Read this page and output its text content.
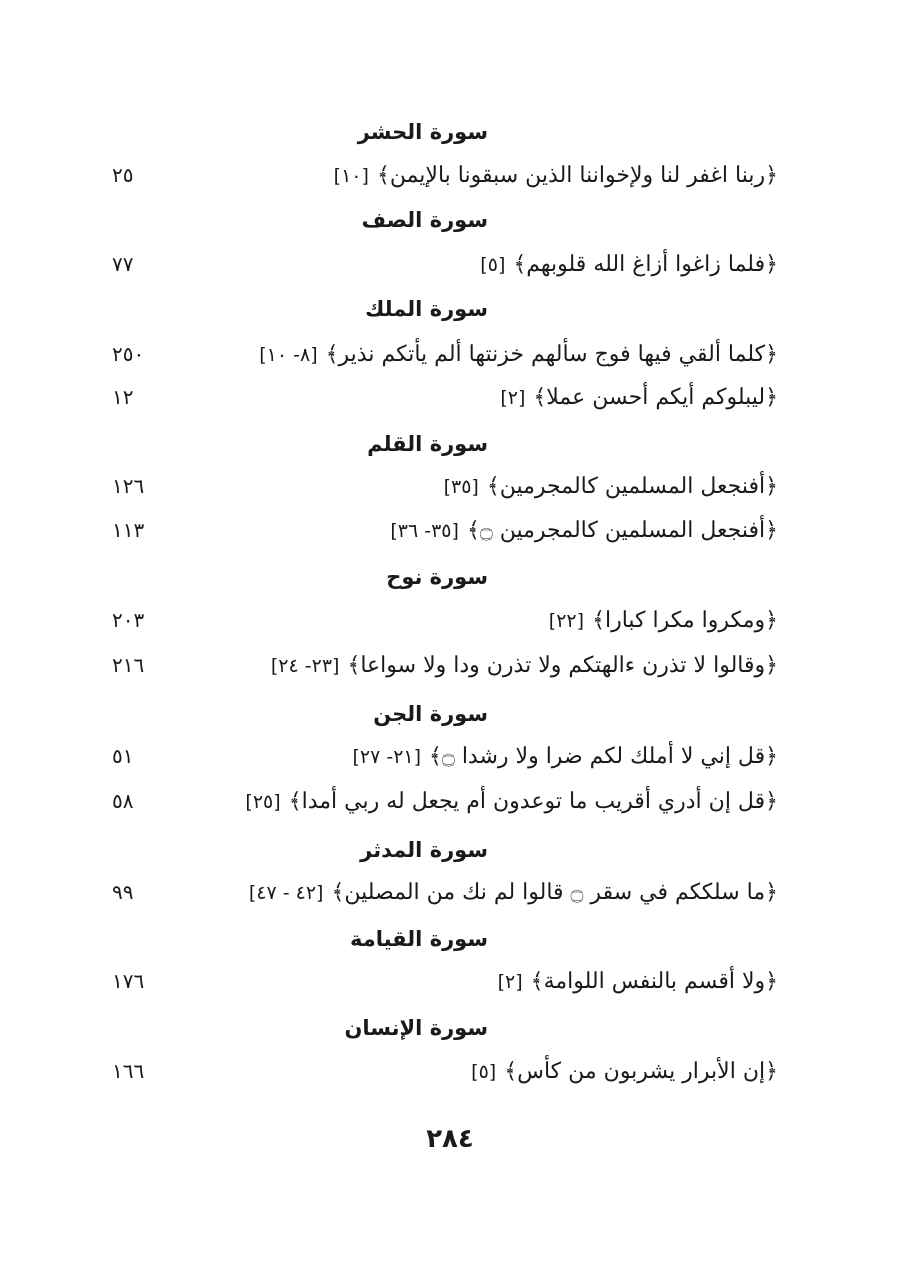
سورة الحشر
﴿ربنا اغفر لنا ولإخواننا الذين سبقونا بالإيمن﴾[١٠]
٢٥
سورة الصف
﴿فلما زاغوا أزاغ الله قلوبهم﴾[٥]
٧٧
سورة الملك
﴿كلما ألقي فيها فوج سألهم خزنتها ألم يأتكم نذير﴾[٨- ١٠]
٢٥٠
﴿ليبلوكم أيكم أحسن عملا﴾[٢]
١٢
سورة القلم
﴿أفنجعل المسلمين كالمجرمين﴾[٣٥]
١٢٦
﴿أفنجعل المسلمين كالمجرمين ۝﴾[٣٥- ٣٦]
١١٣
سورة نوح
﴿ومكروا مكرا كبارا﴾[٢٢]
٢٠٣
﴿وقالوا لا تذرن ءالهتكم ولا تذرن ودا ولا سواعا﴾[٢٣- ٢٤]
٢١٦
سورة الجن
﴿قل إني لا أملك لكم ضرا ولا رشدا ۝﴾[٢١- ٢٧]
٥١
﴿قل إن أدري أقريب ما توعدون أم يجعل له ربي أمدا﴾[٢٥]
٥٨
سورة المدثر
﴿ما سلككم في سقر ۝ قالوا لم نك من المصلين﴾[٤٢ - ٤٧]
٩٩
سورة القيامة
﴿ولا أقسم بالنفس اللوامة﴾[٢]
١٧٦
سورة الإنسان
﴿إن الأبرار يشربون من كأس﴾[٥]
١٦٦
٢٨٤
